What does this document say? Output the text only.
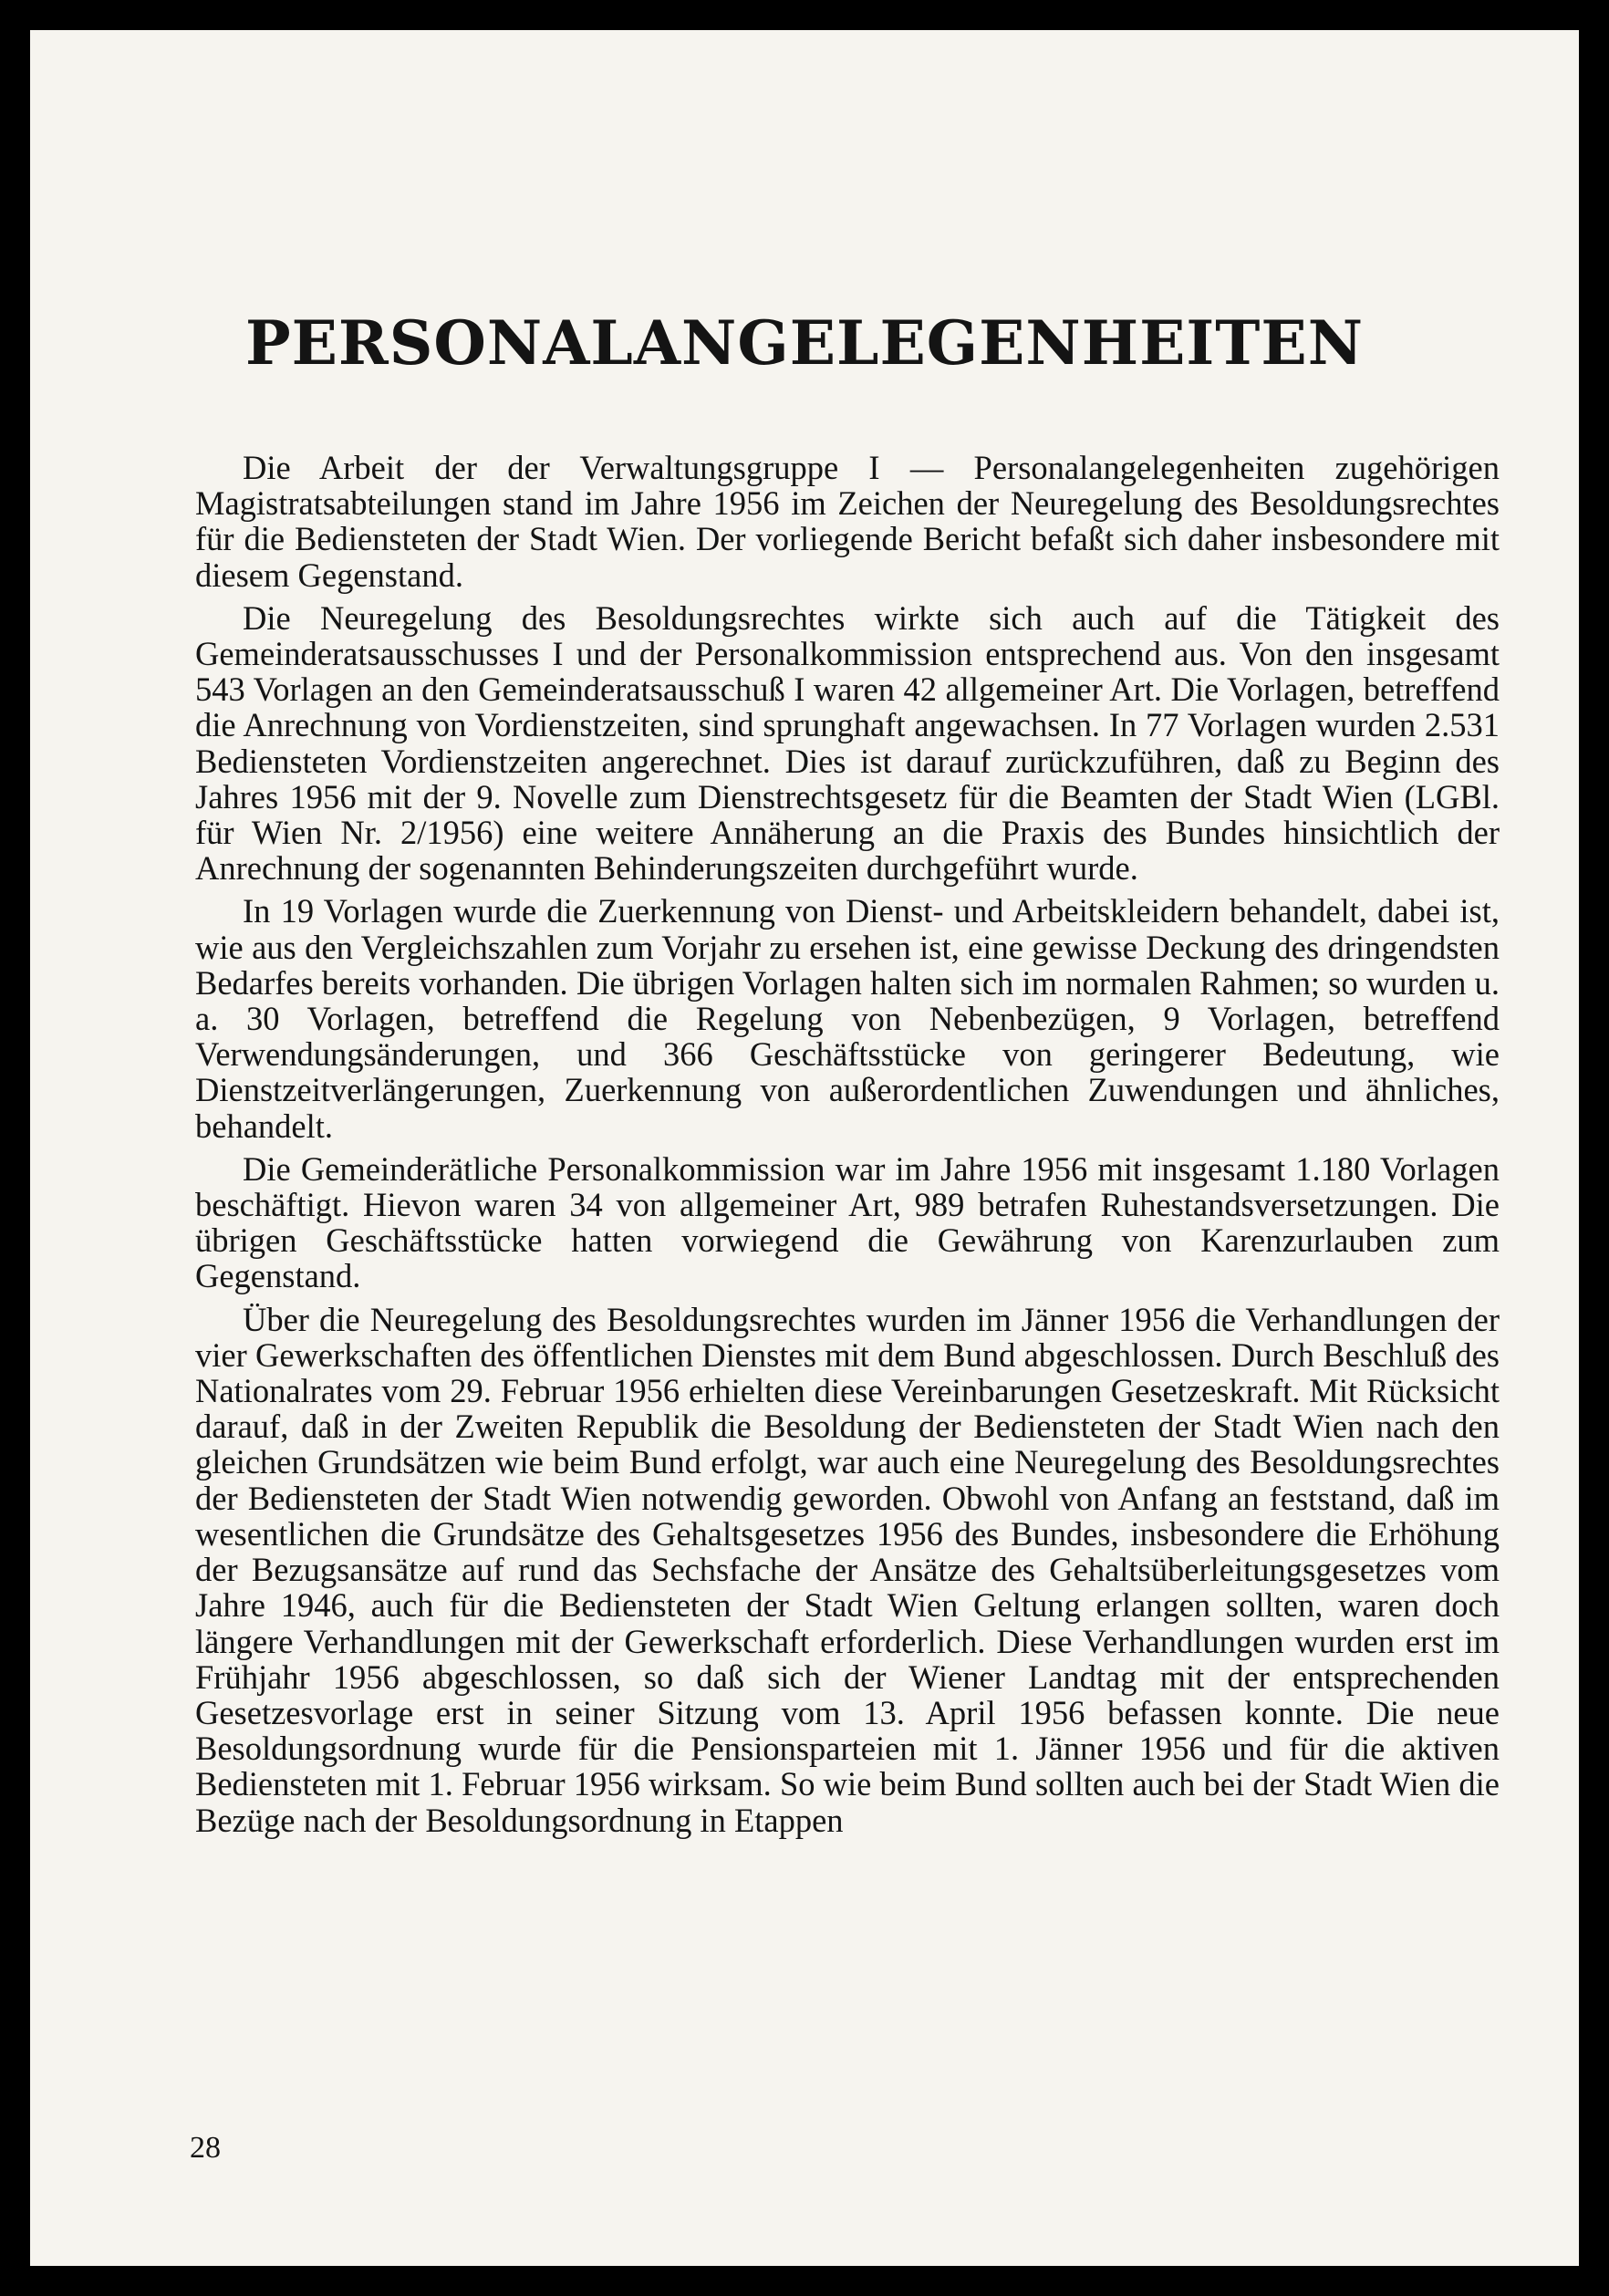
PERSONALANGELEGENHEITEN

Die Arbeit der der Verwaltungsgruppe I — Personalangelegenheiten zugehörigen Magistratsabteilungen stand im Jahre 1956 im Zeichen der Neuregelung des Besoldungsrechtes für die Bediensteten der Stadt Wien. Der vorliegende Bericht befaßt sich daher insbesondere mit diesem Gegenstand.

Die Neuregelung des Besoldungsrechtes wirkte sich auch auf die Tätigkeit des Gemeinderatsausschusses I und der Personalkommission entsprechend aus. Von den insgesamt 543 Vorlagen an den Gemeinderatsausschuß I waren 42 allgemeiner Art. Die Vorlagen, betreffend die Anrechnung von Vordienstzeiten, sind sprunghaft angewachsen. In 77 Vorlagen wurden 2.531 Bediensteten Vordienstzeiten angerechnet. Dies ist darauf zurückzuführen, daß zu Beginn des Jahres 1956 mit der 9. Novelle zum Dienstrechtsgesetz für die Beamten der Stadt Wien (LGBl. für Wien Nr. 2/1956) eine weitere Annäherung an die Praxis des Bundes hinsichtlich der Anrechnung der sogenannten Behinderungszeiten durchgeführt wurde.

In 19 Vorlagen wurde die Zuerkennung von Dienst- und Arbeitskleidern behandelt, dabei ist, wie aus den Vergleichszahlen zum Vorjahr zu ersehen ist, eine gewisse Deckung des dringendsten Bedarfes bereits vorhanden. Die übrigen Vorlagen halten sich im normalen Rahmen; so wurden u. a. 30 Vorlagen, betreffend die Regelung von Nebenbezügen, 9 Vorlagen, betreffend Verwendungsänderungen, und 366 Geschäftsstücke von geringerer Bedeutung, wie Dienstzeitverlängerungen, Zuerkennung von außerordentlichen Zuwendungen und ähnliches, behandelt.

Die Gemeinderätliche Personalkommission war im Jahre 1956 mit insgesamt 1.180 Vorlagen beschäftigt. Hievon waren 34 von allgemeiner Art, 989 betrafen Ruhestandsversetzungen. Die übrigen Geschäftsstücke hatten vorwiegend die Gewährung von Karenzurlauben zum Gegenstand.

Über die Neuregelung des Besoldungsrechtes wurden im Jänner 1956 die Verhandlungen der vier Gewerkschaften des öffentlichen Dienstes mit dem Bund abgeschlossen. Durch Beschluß des Nationalrates vom 29. Februar 1956 erhielten diese Vereinbarungen Gesetzeskraft. Mit Rücksicht darauf, daß in der Zweiten Republik die Besoldung der Bediensteten der Stadt Wien nach den gleichen Grundsätzen wie beim Bund erfolgt, war auch eine Neuregelung des Besoldungsrechtes der Bediensteten der Stadt Wien notwendig geworden. Obwohl von Anfang an feststand, daß im wesentlichen die Grundsätze des Gehaltsgesetzes 1956 des Bundes, insbesondere die Erhöhung der Bezugsansätze auf rund das Sechsfache der Ansätze des Gehaltsüberleitungsgesetzes vom Jahre 1946, auch für die Bediensteten der Stadt Wien Geltung erlangen sollten, waren doch längere Verhandlungen mit der Gewerkschaft erforderlich. Diese Verhandlungen wurden erst im Frühjahr 1956 abgeschlossen, so daß sich der Wiener Landtag mit der entsprechenden Gesetzesvorlage erst in seiner Sitzung vom 13. April 1956 befassen konnte. Die neue Besoldungsordnung wurde für die Pensionsparteien mit 1. Jänner 1956 und für die aktiven Bediensteten mit 1. Februar 1956 wirksam. So wie beim Bund sollten auch bei der Stadt Wien die Bezüge nach der Besoldungsordnung in Etappen

28
